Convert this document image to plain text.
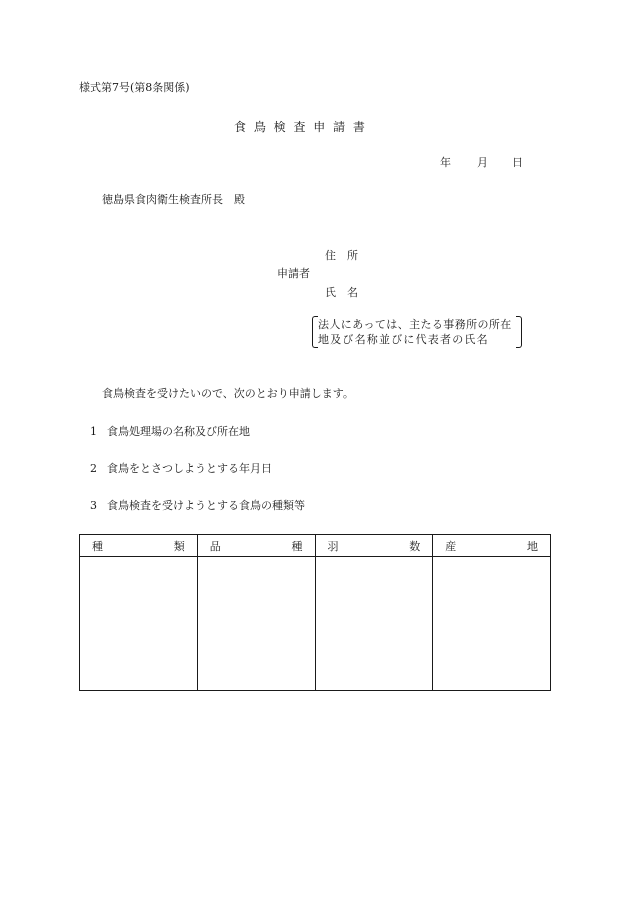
様式第7号(第8条関係)
食 鳥 検 査 申 請 書
年 月 日
徳島県食肉衛生検査所長　殿
住　所
申請者
氏　名
法人にあっては、主たる事務所の所在
地及び名称並びに代表者の氏名
食鳥検査を受けたいので、次のとおり申請します。
1 食鳥処理場の名称及び所在地
2 食鳥をとさつしようとする年月日
3 食鳥検査を受けようとする食鳥の種類等
種 類	品 種	羽 数	産 地
